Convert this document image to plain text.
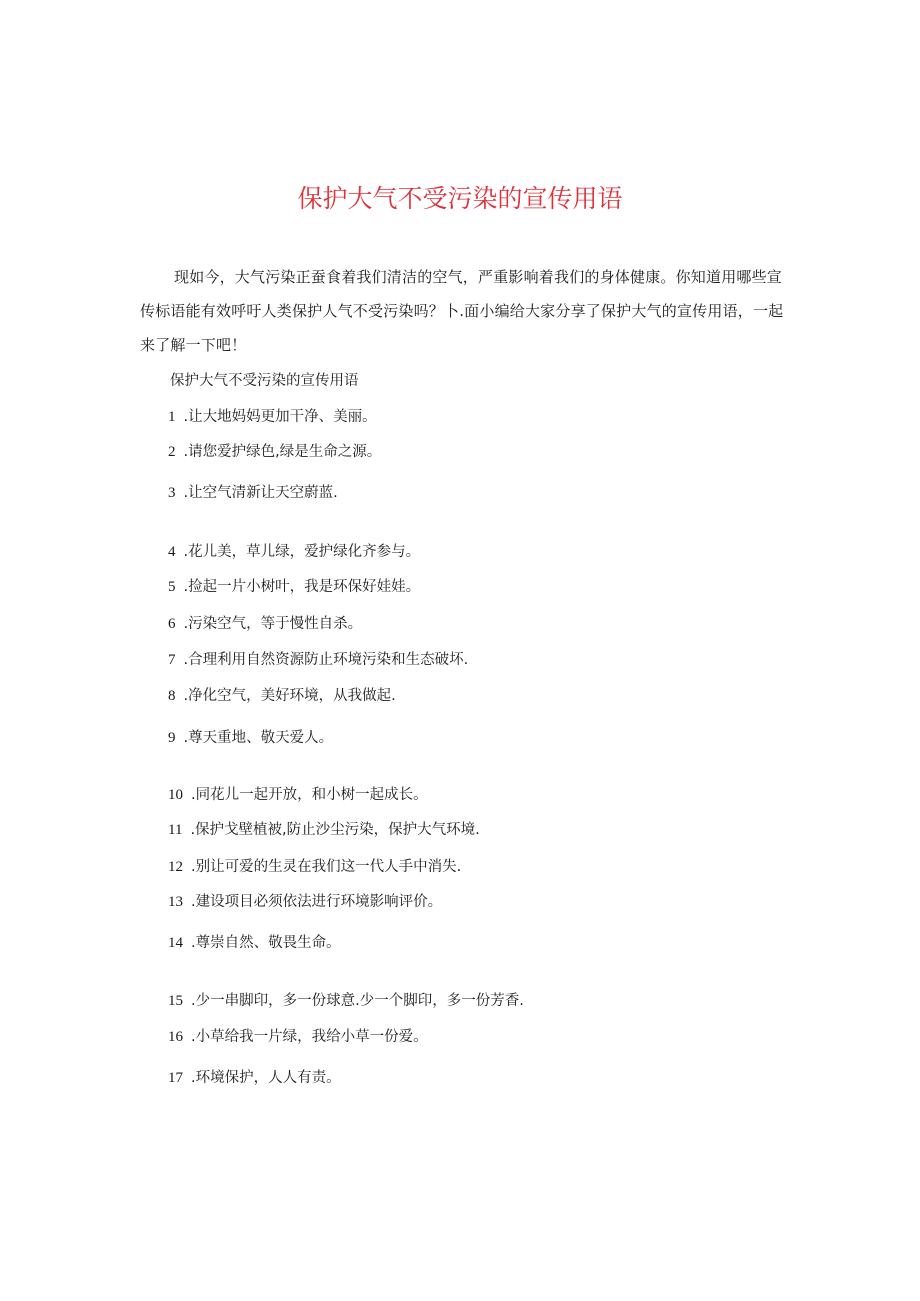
保护大气不受污染的宣传用语

现如今，大气污染正蚕食着我们清洁的空气，严重影响着我们的身体健康。你知道用哪些宣传标语能有效呼吁人类保护人气不受污染吗？卜.面小编给大家分享了保护大气的宣传用语，一起来了解一下吧！

保护大气不受污染的宣传用语

1 .让大地妈妈更加干净、美丽。
2 .请您爱护绿色,绿是生命之源。
3 .让空气清新让天空蔚蓝.
4 .花儿美，草儿绿，爱护绿化齐参与。
5 .捡起一片小树叶，我是环保好娃娃。
6 .污染空气，等于慢性自杀。
7 .合理利用自然资源防止环境污染和生态破坏.
8 .净化空气，美好环境，从我做起.
9 .尊天重地、敬天爱人。
10 .同花儿一起开放，和小树一起成长。
11 .保护戈壁植被,防止沙尘污染，保护大气环境.
12 .别让可爱的生灵在我们这一代人手中消失.
13 .建设项目必须依法进行环境影响评价。
14 .尊崇自然、敬畏生命。
15 .少一串脚印，多一份球意.少一个脚印，多一份芳香.
16 .小草给我一片绿，我给小草一份爱。
17 .环境保护，人人有责。
